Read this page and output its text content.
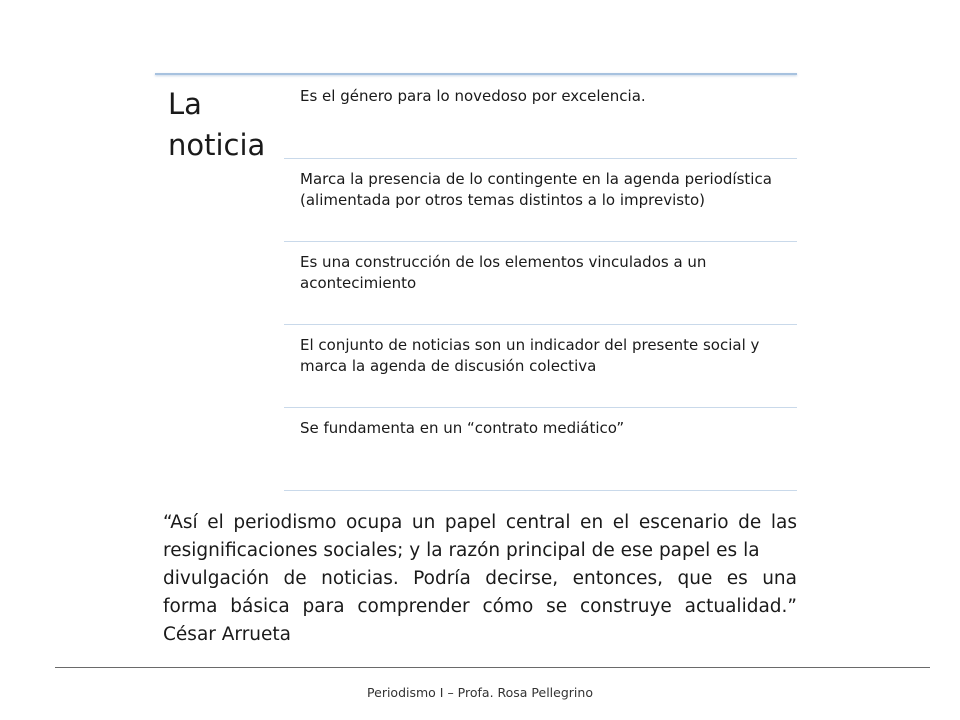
La
noticia
Es el género para lo novedoso por excelencia.
Marca la presencia de lo contingente en la agenda periodística (alimentada por otros temas distintos a lo imprevisto)
Es una construcción de los elementos vinculados a un acontecimiento
El conjunto de noticias son un indicador del presente social y marca la agenda de discusión colectiva
Se fundamenta en un “contrato mediático”

“Así el periodismo ocupa un papel central en el escenario de las
resignificaciones sociales; y la razón principal de ese papel es la
divulgación de noticias. Podría decirse, entonces, que es una
forma básica para comprender cómo se construye actualidad.”
César Arrueta

Periodismo I – Profa. Rosa Pellegrino
